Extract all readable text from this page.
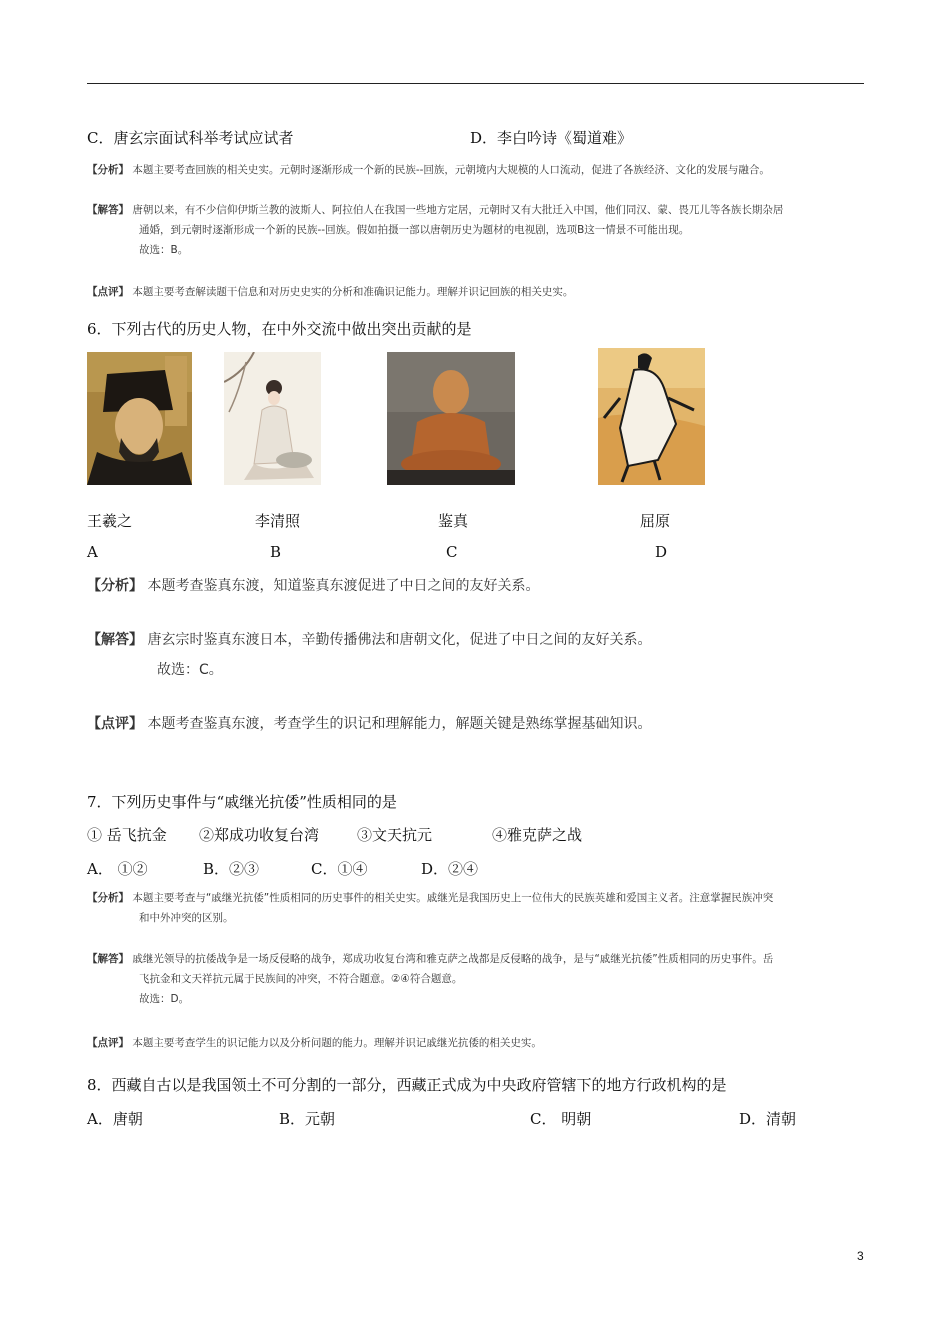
C．唐玄宗面试科举考试应试者	D．李白吟诗《蜀道难》
【分析】 本题主要考查回族的相关史实。元朝时逐渐形成一个新的民族--回族，元朝境内大规模的人口流动，促进了各族经济、文化的发展与融合。
【解答】 唐朝以来，有不少信仰伊斯兰教的波斯人、阿拉伯人在我国一些地方定居，元朝时又有大批迁入中国，他们同汉、蒙、畏兀儿等各族长期杂居
通婚，到元朝时逐渐形成一个新的民族--回族。假如拍摄一部以唐朝历史为题材的电视剧，选项B这一情景不可能出现。
故选：B。
【点评】 本题主要考查解读题干信息和对历史史实的分析和准确识记能力。理解并识记回族的相关史实。
6．下列古代的历史人物，在中外交流中做出突出贡献的是
王羲之	李清照	鉴真	屈原
A	B	C	D
【分析】 本题考查鉴真东渡，知道鉴真东渡促进了中日之间的友好关系。
【解答】 唐玄宗时鉴真东渡日本，辛勤传播佛法和唐朝文化，促进了中日之间的友好关系。
故选：C。
【点评】 本题考查鉴真东渡，考查学生的识记和理解能力，解题关键是熟练掌握基础知识。
7．下列历史事件与“戚继光抗倭”性质相同的是
① 岳飞抗金 ②郑成功收复台湾	③文天抗元	④雅克萨之战
A． ①②	B．②③	C．①④	D．②④
【分析】 本题主要考查与“戚继光抗倭”性质相同的历史事件的相关史实。戚继光是我国历史上一位伟大的民族英雄和爱国主义者。注意掌握民族冲突
和中外冲突的区别。
【解答】 戚继光领导的抗倭战争是一场反侵略的战争，郑成功收复台湾和雅克萨之战都是反侵略的战争，是与“戚继光抗倭”性质相同的历史事件。岳
飞抗金和文天祥抗元属于民族间的冲突，不符合题意。②④符合题意。
故选：D。
【点评】 本题主要考查学生的识记能力以及分析问题的能力。理解并识记戚继光抗倭的相关史实。
8．西藏自古以是我国领土不可分割的一部分，西藏正式成为中央政府管辖下的地方行政机构的是
A．唐朝	B．元朝	C． 明朝	D．清朝
3
